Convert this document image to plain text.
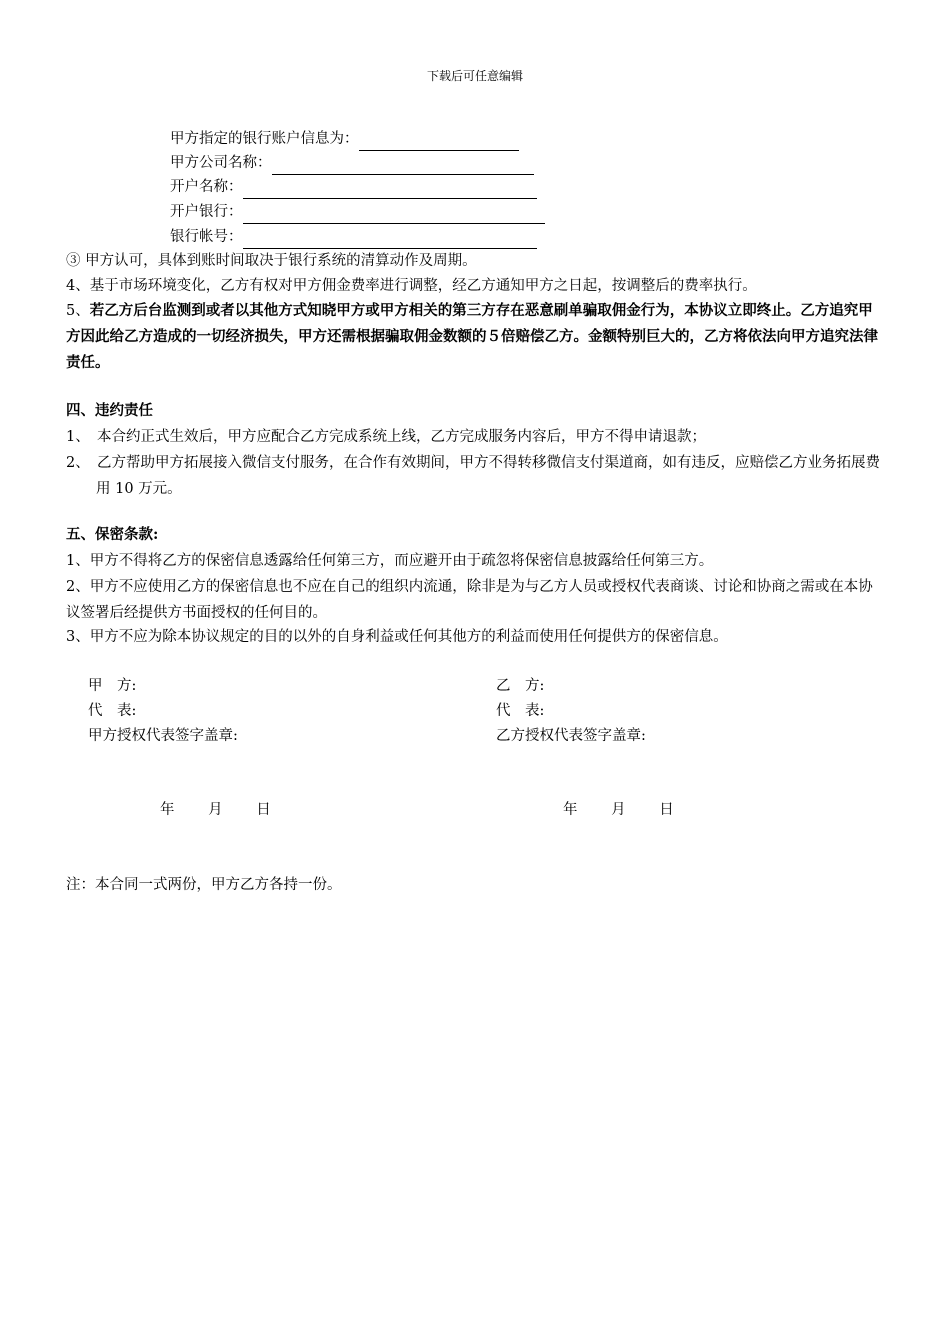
下载后可任意编辑
甲方指定的银行账户信息为：
甲方公司名称：
开户名称：
开户银行：
银行帐号：
③ 甲方认可，具体到账时间取决于银行系统的清算动作及周期。
4、基于市场环境变化，乙方有权对甲方佣金费率进行调整，经乙方通知甲方之日起，按调整后的费率执行。
5、若乙方后台监测到或者以其他方式知晓甲方或甲方相关的第三方存在恶意刷单骗取佣金行为，本协议立即终止。乙方追究甲方因此给乙方造成的一切经济损失，甲方还需根据骗取佣金数额的５倍赔偿乙方。金额特别巨大的，乙方将依法向甲方追究法律责任。
四、违约责任
1、　本合约正式生效后，甲方应配合乙方完成系统上线，乙方完成服务内容后，甲方不得申请退款；
2、　乙方帮助甲方拓展接入微信支付服务，在合作有效期间，甲方不得转移微信支付渠道商，如有违反，应赔偿乙方业务拓展费用 10 万元。
五、保密条款:
1、甲方不得将乙方的保密信息透露给任何第三方，而应避开由于疏忽将保密信息披露给任何第三方。
2、甲方不应使用乙方的保密信息也不应在自己的组织内流通，除非是为与乙方人员或授权代表商谈、讨论和协商之需或在本协议签署后经提供方书面授权的任何目的。
3、甲方不应为除本协议规定的目的以外的自身利益或任何其他方的利益而使用任何提供方的保密信息。
甲　方:
代　表:
甲方授权代表签字盖章:
年　　 月　　 日
乙　方:
代　表:
乙方授权代表签字盖章:
年　　 月　　 日
注：本合同一式两份，甲方乙方各持一份。
